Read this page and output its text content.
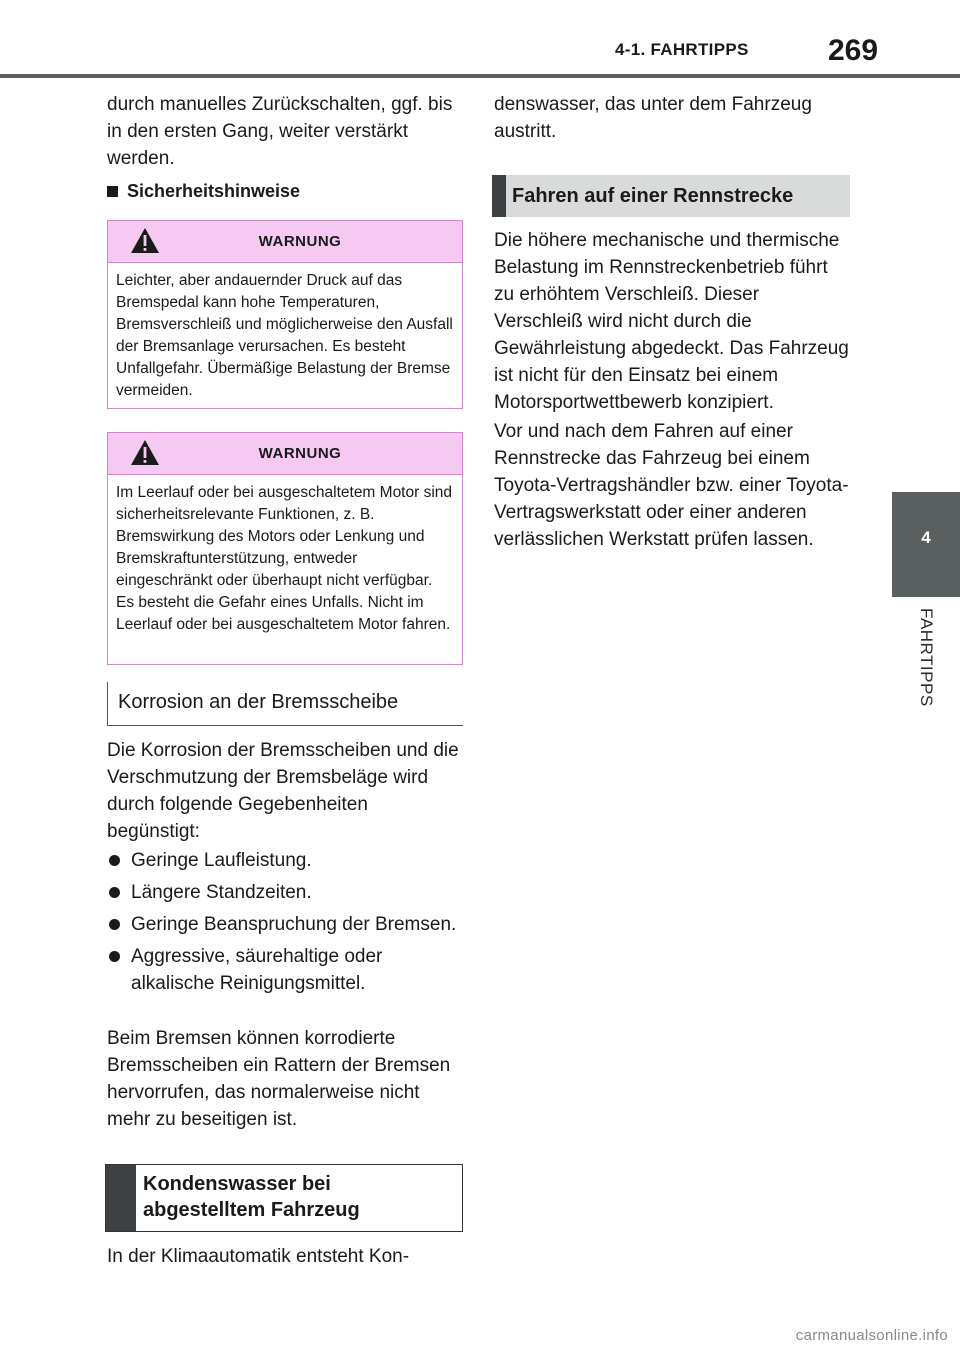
4-1. FAHRTIPPS	269
4
FAHRTIPPS

durch manuelles Zurückschalten, ggf. bis in den ersten Gang, weiter verstärkt werden.

Sicherheitshinweise
WARNUNG
Leichter, aber andauernder Druck auf das Bremspedal kann hohe Temperaturen, Bremsverschleiß und möglicherweise den Ausfall der Bremsanlage verursachen. Es besteht Unfallgefahr. Übermäßige Belastung der Bremse vermeiden.
WARNUNG
Im Leerlauf oder bei ausgeschaltetem Motor sind sicherheitsrelevante Funktionen, z. B. Bremswirkung des Motors oder Lenkung und Bremskraftunterstützung, entweder eingeschränkt oder überhaupt nicht verfügbar. Es besteht die Gefahr eines Unfalls. Nicht im Leerlauf oder bei ausgeschaltetem Motor fahren.
Korrosion an der Bremsscheibe

Die Korrosion der Bremsscheiben und die Verschmutzung der Bremsbeläge wird durch folgende Gegebenheiten begünstigt:

Geringe Laufleistung.
Längere Standzeiten.
Geringe Beanspruchung der Bremsen.
Aggressive, säurehaltige oder alkalische Reinigungsmittel.

Beim Bremsen können korrodierte Bremsscheiben ein Rattern der Bremsen hervorrufen, das normalerweise nicht mehr zu beseitigen ist.

Kondenswasser bei abgestelltem Fahrzeug

In der Klimaautomatik entsteht Kon-

denswasser, das unter dem Fahrzeug austritt.

Fahren auf einer Rennstrecke

Die höhere mechanische und thermische Belastung im Rennstreckenbetrieb führt zu erhöhtem Verschleiß. Dieser Verschleiß wird nicht durch die Gewährleistung abgedeckt. Das Fahrzeug ist nicht für den Einsatz bei einem Motorsportwettbewerb konzipiert.

Vor und nach dem Fahren auf einer Rennstrecke das Fahrzeug bei einem Toyota-Vertragshändler bzw. einer Toyota-Vertragswerkstatt oder einer anderen verlässlichen Werkstatt prüfen lassen.

carmanualsonline.info
